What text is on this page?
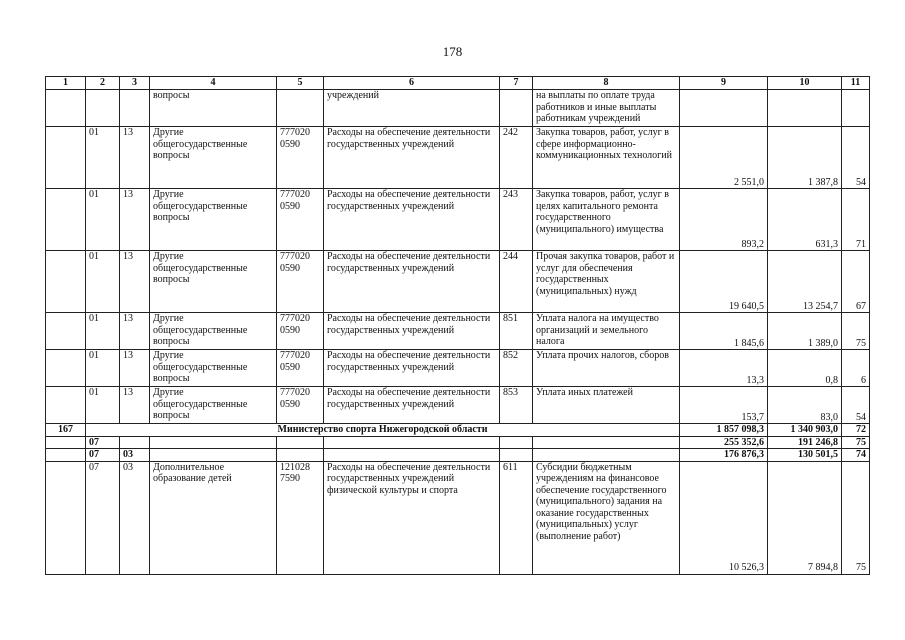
178
1	2	3	4	5	6	7	8	9	10	11
			вопросы		учреждений		на выплаты по оплате труда работников и иные выплаты работникам учреждений			
	01	13	Другие общегосударственные вопросы	777020 0590	Расходы на обеспечение деятельности государственных учреждений	242	Закупка товаров, работ, услуг в сфере информационно-коммуникационных технологий	2 551,0	1 387,8	54
	01	13	Другие общегосударственные вопросы	777020 0590	Расходы на обеспечение деятельности государственных учреждений	243	Закупка товаров, работ, услуг в целях капитального ремонта государственного (муниципального) имущества	893,2	631,3	71
	01	13	Другие общегосударственные вопросы	777020 0590	Расходы на обеспечение деятельности государственных учреждений	244	Прочая закупка товаров, работ и услуг для обеспечения государственных (муниципальных) нужд	19 640,5	13 254,7	67
	01	13	Другие общегосударственные вопросы	777020 0590	Расходы на обеспечение деятельности государственных учреждений	851	Уплата налога на имущество организаций и земельного налога	1 845,6	1 389,0	75
	01	13	Другие общегосударственные вопросы	777020 0590	Расходы на обеспечение деятельности государственных учреждений	852	Уплата прочих налогов, сборов	13,3	0,8	6
	01	13	Другие общегосударственные вопросы	777020 0590	Расходы на обеспечение деятельности государственных учреждений	853	Уплата иных платежей	153,7	83,0	54
167	Министерство спорта Нижегородской области							1 857 098,3	1 340 903,0	72
	07							255 352,6	191 246,8	75
	07	03						176 876,3	130 501,5	74
	07	03	Дополнительное образование детей	121028 7590	Расходы на обеспечение деятельности государственных учреждений физической культуры и спорта	611	Субсидии бюджетным учреждениям на финансовое обеспечение государственного (муниципального) задания на оказание государственных (муниципальных) услуг (выполнение работ)	10 526,3	7 894,8	75
